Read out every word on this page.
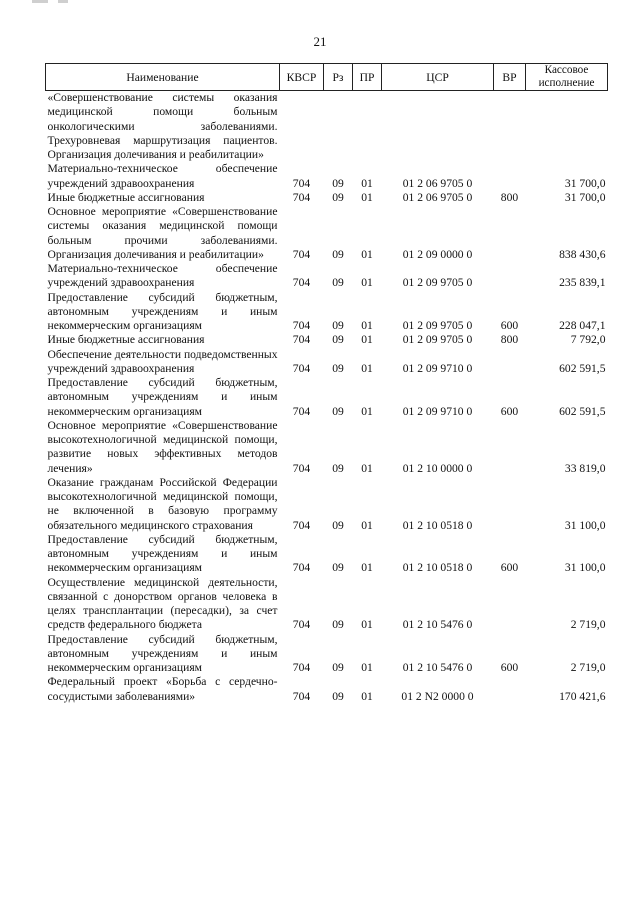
21
Наименование	КВСР	Рз	ПР	ЦСР	ВР	Кассовое исполнение
«Совершенствование системы оказания медицинской помощи больным онкологическими заболеваниями. Трехуровневая маршрутизация пациентов. Организация долечивания и реабилитации»						
Материально-техническое обеспечение учреждений здравоохранения	704	09	01	01 2 06 9705 0		31 700,0
Иные бюджетные ассигнования	704	09	01	01 2 06 9705 0	800	31 700,0
Основное мероприятие «Совершенствование системы оказания медицинской помощи больным прочими заболеваниями. Организация долечивания и реабилитации»	704	09	01	01 2 09 0000 0		838 430,6
Материально-техническое обеспечение учреждений здравоохранения	704	09	01	01 2 09 9705 0		235 839,1
Предоставление субсидий бюджетным, автономным учреждениям и иным некоммерческим организациям	704	09	01	01 2 09 9705 0	600	228 047,1
Иные бюджетные ассигнования	704	09	01	01 2 09 9705 0	800	7 792,0
Обеспечение деятельности подведомственных учреждений здравоохранения	704	09	01	01 2 09 9710 0		602 591,5
Предоставление субсидий бюджетным, автономным учреждениям и иным некоммерческим организациям	704	09	01	01 2 09 9710 0	600	602 591,5
Основное мероприятие «Совершенствование высокотехнологичной медицинской помощи, развитие новых эффективных методов лечения»	704	09	01	01 2 10 0000 0		33 819,0
Оказание гражданам Российской Федерации высокотехнологичной медицинской помощи, не включенной в базовую программу обязательного медицинского страхования	704	09	01	01 2 10 0518 0		31 100,0
Предоставление субсидий бюджетным, автономным учреждениям и иным некоммерческим организациям	704	09	01	01 2 10 0518 0	600	31 100,0
Осуществление медицинской деятельности, связанной с донорством органов человека в целях трансплантации (пересадки), за счет средств федерального бюджета	704	09	01	01 2 10 5476 0		2 719,0
Предоставление субсидий бюджетным, автономным учреждениям и иным некоммерческим организациям	704	09	01	01 2 10 5476 0	600	2 719,0
Федеральный проект «Борьба с сердечно-сосудистыми заболеваниями»	704	09	01	01 2 N2 0000 0		170 421,6
